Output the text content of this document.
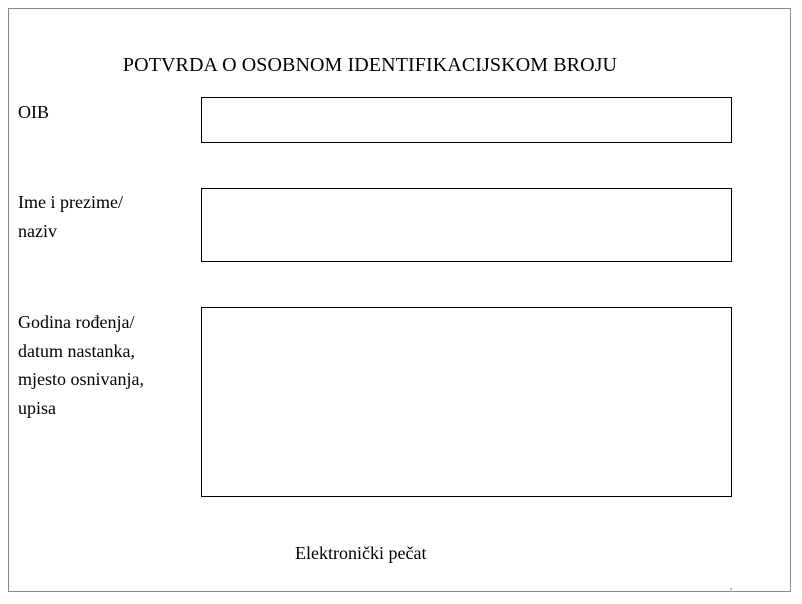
POTVRDA O OSOBNOM IDENTIFIKACIJSKOM BROJU
OIB
Ime i prezime/
naziv
Godina rođenja/
datum nastanka,
mjesto osnivanja,
upisa
Elektronički pečat
